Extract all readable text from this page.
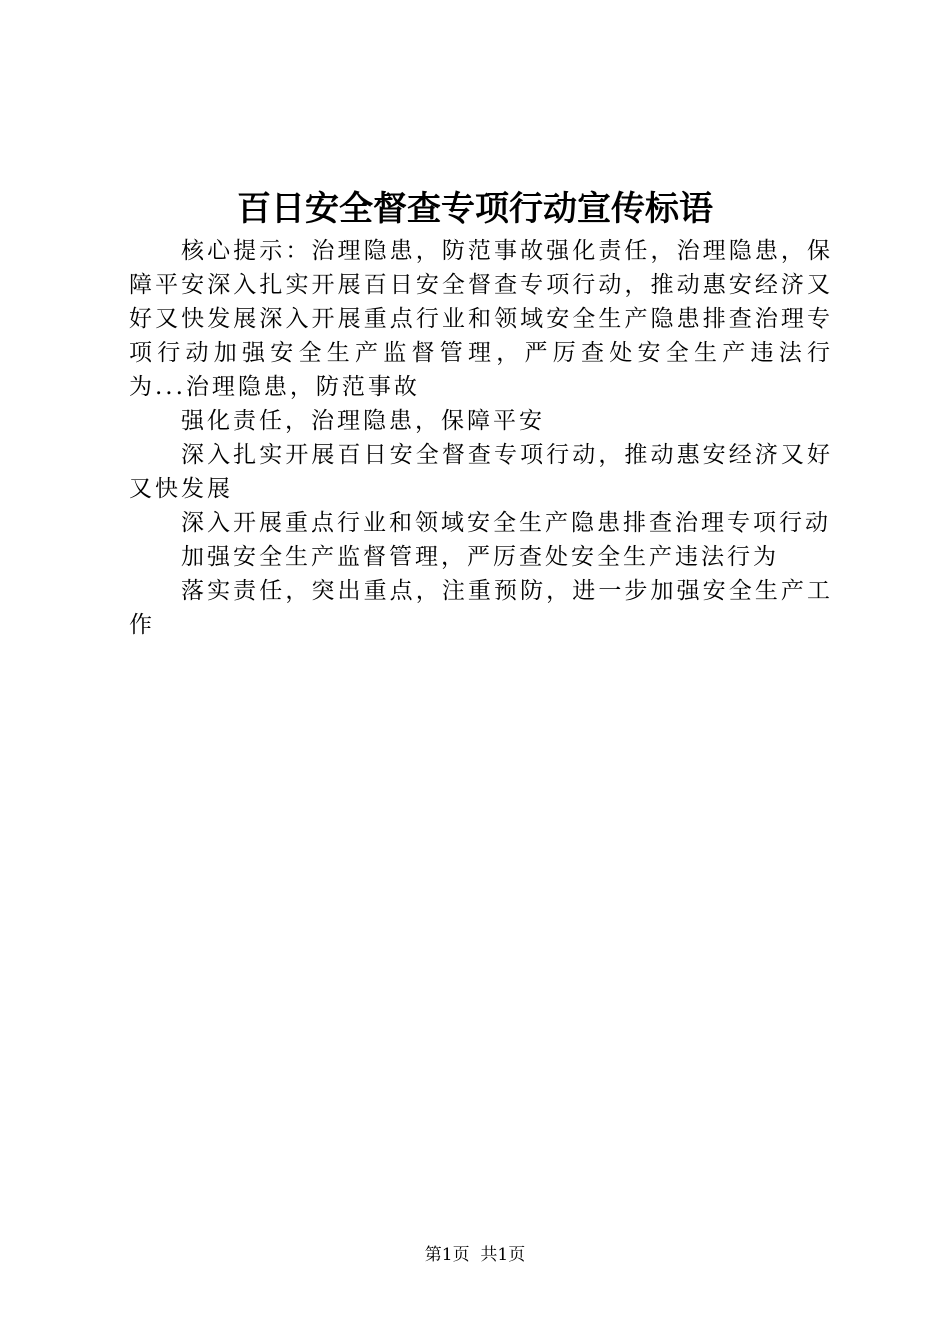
百日安全督查专项行动宣传标语

核心提示：治理隐患，防范事故强化责任，治理隐患，保障平安深入扎实开展百日安全督查专项行动，推动惠安经济又好又快发展深入开展重点行业和领域安全生产隐患排查治理专项行动加强安全生产监督管理，严厉查处安全生产违法行为...治理隐患，防范事故

强化责任，治理隐患，保障平安

深入扎实开展百日安全督查专项行动，推动惠安经济又好又快发展

深入开展重点行业和领域安全生产隐患排查治理专项行动

加强安全生产监督管理，严厉查处安全生产违法行为

落实责任，突出重点，注重预防，进一步加强安全生产工作

第1页  共1页
